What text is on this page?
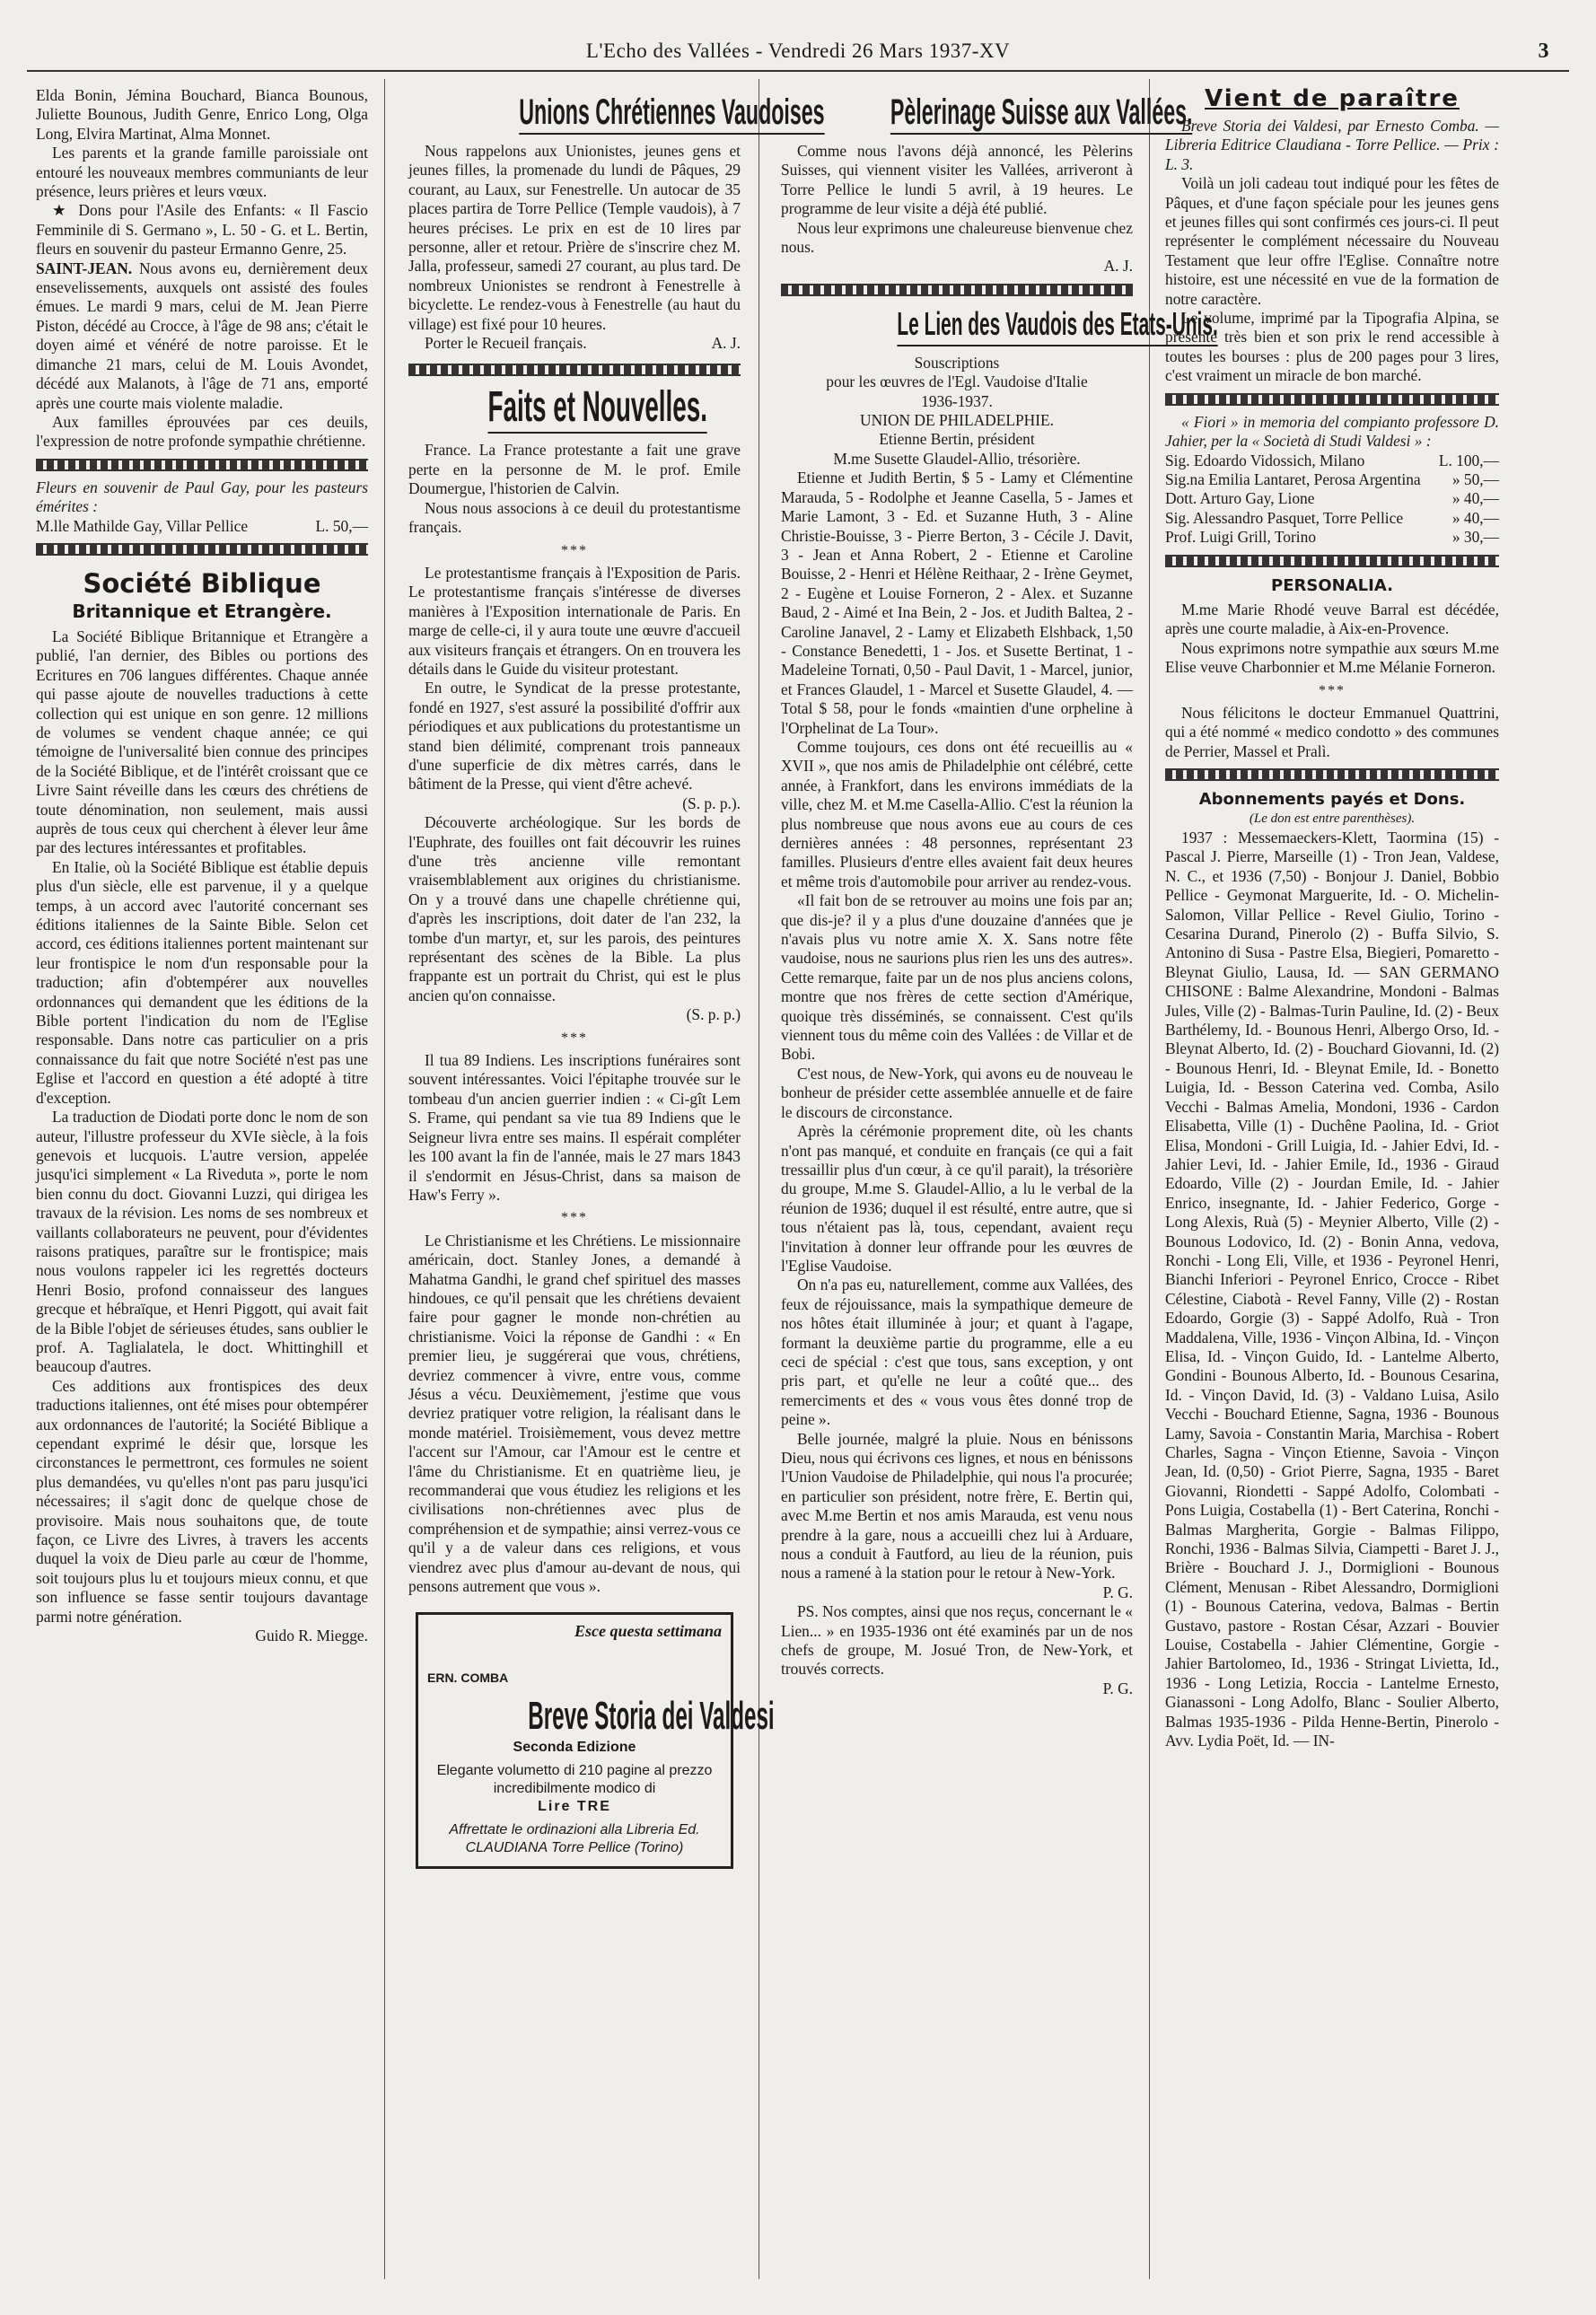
L'Echo des Vallées - Vendredi 26 Mars 1937-XV	3

Elda Bonin, Jémina Bouchard, Bianca Bounous, Juliette Bounous, Judith Genre, Enrico Long, Olga Long, Elvira Martinat, Alma Monnet.

Les parents et la grande famille paroissiale ont entouré les nouveaux membres communiants de leur présence, leurs prières et leurs vœux.

★ Dons pour l'Asile des Enfants: « Il Fascio Femminile di S. Germano », L. 50 - G. et L. Bertin, fleurs en souvenir du pasteur Ermanno Genre, 25.

SAINT-JEAN. Nous avons eu, dernièrement deux ensevelissements, auxquels ont assisté des foules émues. Le mardi 9 mars, celui de M. Jean Pierre Piston, décédé au Crocce, à l'âge de 98 ans; c'était le doyen aimé et vénéré de notre paroisse. Et le dimanche 21 mars, celui de M. Louis Avondet, décédé aux Malanots, à l'âge de 71 ans, emporté après une courte mais violente maladie.

Aux familles éprouvées par ces deuils, l'expression de notre profonde sympathie chrétienne.

Fleurs en souvenir de Paul Gay, pour les pasteurs émérites :

M.lle Mathilde Gay, Villar Pellice	L. 50,—
Société Biblique
Britannique et Etrangère.

La Société Biblique Britannique et Etrangère a publié, l'an dernier, des Bibles ou portions des Ecritures en 706 langues différentes. Chaque année qui passe ajoute de nouvelles traductions à cette collection qui est unique en son genre. 12 millions de volumes se vendent chaque année; ce qui témoigne de l'universalité bien connue des principes de la Société Biblique, et de l'intérêt croissant que ce Livre Saint réveille dans les cœurs des chrétiens de toute dénomination, non seulement, mais aussi auprès de tous ceux qui cherchent à élever leur âme par des lectures intéressantes et profitables.

En Italie, où la Société Biblique est établie depuis plus d'un siècle, elle est parvenue, il y a quelque temps, à un accord avec l'autorité concernant ses éditions italiennes de la Sainte Bible. Selon cet accord, ces éditions italiennes portent maintenant sur leur frontispice le nom d'un responsable pour la traduction; afin d'obtempérer aux nouvelles ordonnances qui demandent que les éditions de la Bible portent l'indication du nom de l'Eglise responsable. Dans notre cas particulier on a pris connaissance du fait que notre Société n'est pas une Eglise et l'accord en question a été adopté à titre d'exception.

La traduction de Diodati porte donc le nom de son auteur, l'illustre professeur du XVIe siècle, à la fois genevois et lucquois. L'autre version, appelée jusqu'ici simplement « La Riveduta », porte le nom bien connu du doct. Giovanni Luzzi, qui dirigea les travaux de la révision. Les noms de ses nombreux et vaillants collaborateurs ne peuvent, pour d'évidentes raisons pratiques, paraître sur le frontispice; mais nous voulons rappeler ici les regrettés docteurs Henri Bosio, profond connaisseur des langues grecque et hébraïque, et Henri Piggott, qui avait fait de la Bible l'objet de sérieuses études, sans oublier le prof. A. Taglialatela, le doct. Whittinghill et beaucoup d'autres.

Ces additions aux frontispices des deux traductions italiennes, ont été mises pour obtempérer aux ordonnances de l'autorité; la Société Biblique a cependant exprimé le désir que, lorsque les circonstances le permettront, ces formules ne soient plus demandées, vu qu'elles n'ont pas paru jusqu'ici nécessaires; il s'agit donc de quelque chose de provisoire. Mais nous souhaitons que, de toute façon, ce Livre des Livres, à travers les accents duquel la voix de Dieu parle au cœur de l'homme, soit toujours plus lu et toujours mieux connu, et que son influence se fasse sentir toujours davantage parmi notre génération.

Guido R. Miegge.

Unions Chrétiennes Vaudoises

Nous rappelons aux Unionistes, jeunes gens et jeunes filles, la promenade du lundi de Pâques, 29 courant, au Laux, sur Fenestrelle. Un autocar de 35 places partira de Torre Pellice (Temple vaudois), à 7 heures précises. Le prix en est de 10 lires par personne, aller et retour. Prière de s'inscrire chez M. Jalla, professeur, samedi 27 courant, au plus tard. De nombreux Unionistes se rendront à Fenestrelle à bicyclette. Le rendez-vous à Fenestrelle (au haut du village) est fixé pour 10 heures.

Porter le Recueil français.	A. J.

Faits et Nouvelles.

France. La France protestante a fait une grave perte en la personne de M. le prof. Emile Doumergue, l'historien de Calvin.

Nous nous associons à ce deuil du protestantisme français.

***

Le protestantisme français à l'Exposition de Paris. Le protestantisme français s'intéresse de diverses manières à l'Exposition internationale de Paris. En marge de celle-ci, il y aura toute une œuvre d'accueil aux visiteurs français et étrangers. On en trouvera les détails dans le Guide du visiteur protestant.

En outre, le Syndicat de la presse protestante, fondé en 1927, s'est assuré la possibilité d'offrir aux périodiques et aux publications du protestantisme un stand bien délimité, comprenant trois panneaux d'une superficie de dix mètres carrés, dans le bâtiment de la Presse, qui vient d'être achevé.

(S. p. p.).

Découverte archéologique. Sur les bords de l'Euphrate, des fouilles ont fait découvrir les ruines d'une très ancienne ville remontant vraisemblablement aux origines du christianisme. On y a trouvé dans une chapelle chrétienne qui, d'après les inscriptions, doit dater de l'an 232, la tombe d'un martyr, et, sur les parois, des peintures représentant des scènes de la Bible. La plus frappante est un portrait du Christ, qui est le plus ancien qu'on connaisse.

(S. p. p.)

***

Il tua 89 Indiens. Les inscriptions funéraires sont souvent intéressantes. Voici l'épitaphe trouvée sur le tombeau d'un ancien guerrier indien : « Ci-gît Lem S. Frame, qui pendant sa vie tua 89 Indiens que le Seigneur livra entre ses mains. Il espérait compléter les 100 avant la fin de l'année, mais le 27 mars 1843 il s'endormit en Jésus-Christ, dans sa maison de Haw's Ferry ».

***

Le Christianisme et les Chrétiens. Le missionnaire américain, doct. Stanley Jones, a demandé à Mahatma Gandhi, le grand chef spirituel des masses hindoues, ce qu'il pensait que les chrétiens devaient faire pour gagner le monde non-chrétien au christianisme. Voici la réponse de Gandhi : « En premier lieu, je suggérerai que vous, chrétiens, devriez commencer à vivre, entre vous, comme Jésus a vécu. Deuxièmement, j'estime que vous devriez pratiquer votre religion, la réalisant dans le monde matériel. Troisièmement, vous devez mettre l'accent sur l'Amour, car l'Amour est le centre et l'âme du Christianisme. Et en quatrième lieu, je recommanderai que vous étudiez les religions et les civilisations non-chrétiennes avec plus de compréhension et de sympathie; ainsi verrez-vous ce qu'il y a de valeur dans ces religions, et vous viendrez avec plus d'amour au-devant de nous, qui pensons autrement que vous ».

Esce questa settimana
ERN. COMBA
Breve Storia dei Valdesi
Seconda Edizione
Elegante volumetto di 210 pagine al prezzo incredibilmente modico di
Lire TRE
Affrettate le ordinazioni alla Libreria Ed. CLAUDIANA Torre Pellice (Torino)
Pèlerinage Suisse aux Vallées.

Comme nous l'avons déjà annoncé, les Pèlerins Suisses, qui viennent visiter les Vallées, arriveront à Torre Pellice le lundi 5 avril, à 19 heures. Le programme de leur visite a déjà été publié.

Nous leur exprimons une chaleureuse bienvenue chez nous.

A. J.

Le Lien des Vaudois des Etats-Unis.

Souscriptions

pour les œuvres de l'Egl. Vaudoise d'Italie

1936-1937.

UNION DE PHILADELPHIE.

Etienne Bertin, président

M.me Susette Glaudel-Allio, trésorière.

Etienne et Judith Bertin, $ 5 - Lamy et Clémentine Marauda, 5 - Rodolphe et Jeanne Casella, 5 - James et Marie Lamont, 3 - Ed. et Suzanne Huth, 3 - Aline Christie-Bouisse, 3 - Pierre Berton, 3 - Cécile J. Davit, 3 - Jean et Anna Robert, 2 - Etienne et Caroline Bouisse, 2 - Henri et Hélène Reithaar, 2 - Irène Geymet, 2 - Eugène et Louise Forneron, 2 - Alex. et Suzanne Baud, 2 - Aimé et Ina Bein, 2 - Jos. et Judith Baltea, 2 - Caroline Janavel, 2 - Lamy et Elizabeth Elshback, 1,50 - Constance Benedetti, 1 - Jos. et Susette Bertinat, 1 - Madeleine Tornati, 0,50 - Paul Davit, 1 - Marcel, junior, et Frances Glaudel, 1 - Marcel et Susette Glaudel, 4. — Total $ 58, pour le fonds «maintien d'une orpheline à l'Orphelinat de La Tour».

Comme toujours, ces dons ont été recueillis au « XVII », que nos amis de Philadelphie ont célébré, cette année, à Frankfort, dans les environs immédiats de la ville, chez M. et M.me Casella-Allio. C'est la réunion la plus nombreuse que nous avons eue au cours de ces dernières années : 48 personnes, représentant 23 familles. Plusieurs d'entre elles avaient fait deux heures et même trois d'automobile pour arriver au rendez-vous.

«Il fait bon de se retrouver au moins une fois par an; que dis-je? il y a plus d'une douzaine d'années que je n'avais plus vu notre amie X. X. Sans notre fête vaudoise, nous ne saurions plus rien les uns des autres». Cette remarque, faite par un de nos plus anciens colons, montre que nos frères de cette section d'Amérique, quoique très disséminés, se connaissent. C'est qu'ils viennent tous du même coin des Vallées : de Villar et de Bobi.

C'est nous, de New-York, qui avons eu de nouveau le bonheur de présider cette assemblée annuelle et de faire le discours de circonstance.

Après la cérémonie proprement dite, où les chants n'ont pas manqué, et conduite en français (ce qui a fait tressaillir plus d'un cœur, à ce qu'il parait), la trésorière du groupe, M.me S. Glaudel-Allio, a lu le verbal de la réunion de 1936; duquel il est résulté, entre autre, que si tous n'étaient pas là, tous, cependant, avaient reçu l'invitation à donner leur offrande pour les œuvres de l'Eglise Vaudoise.

On n'a pas eu, naturellement, comme aux Vallées, des feux de réjouissance, mais la sympathique demeure de nos hôtes était illuminée à jour; et quant à l'agape, formant la deuxième partie du programme, elle a eu ceci de spécial : c'est que tous, sans exception, y ont pris part, et qu'elle ne leur a coûté que... des remerciments et des « vous vous êtes donné trop de peine ».

Belle journée, malgré la pluie. Nous en bénissons Dieu, nous qui écrivons ces lignes, et nous en bénissons l'Union Vaudoise de Philadelphie, qui nous l'a procurée; en particulier son président, notre frère, E. Bertin qui, avec M.me Bertin et nos amis Marauda, est venu nous prendre à la gare, nous a accueilli chez lui à Arduare, nous a conduit à Fautford, au lieu de la réunion, puis nous a ramené à la station pour le retour à New-York.

P. G.

PS. Nos comptes, ainsi que nos reçus, concernant le « Lien... » en 1935-1936 ont été examinés par un de nos chefs de groupe, M. Josué Tron, de New-York, et trouvés corrects.

P. G.

Vient de paraître

Breve Storia dei Valdesi, par Ernesto Comba. — Libreria Editrice Claudiana - Torre Pellice. — Prix : L. 3.

Voilà un joli cadeau tout indiqué pour les fêtes de Pâques, et d'une façon spéciale pour les jeunes gens et jeunes filles qui sont confirmés ces jours-ci. Il peut représenter le complément nécessaire du Nouveau Testament que leur offre l'Eglise. Connaître notre histoire, est une nécessité en vue de la formation de notre caractère.

Le volume, imprimé par la Tipografia Alpina, se présente très bien et son prix le rend accessible à toutes les bourses : plus de 200 pages pour 3 lires, c'est vraiment un miracle de bon marché.

« Fiori » in memoria del compianto professore D. Jahier, per la « Società di Studi Valdesi » :

Sig. Edoardo Vidossich, Milano	L. 100,—
Sig.na Emilia Lantaret, Perosa Argentina	» 50,—
Dott. Arturo Gay, Lione	» 40,—
Sig. Alessandro Pasquet, Torre Pellice	» 40,—
Prof. Luigi Grill, Torino	» 30,—
PERSONALIA.

M.me Marie Rhodé veuve Barral est décédée, après une courte maladie, à Aix-en-Provence.

Nous exprimons notre sympathie aux sœurs M.me Elise veuve Charbonnier et M.me Mélanie Forneron.

***

Nous félicitons le docteur Emmanuel Quattrini, qui a été nommé « medico condotto » des communes de Perrier, Massel et Pralì.

Abonnements payés et Dons.

(Le don est entre parenthèses).

1937 : Messemaeckers-Klett, Taormina (15) - Pascal J. Pierre, Marseille (1) - Tron Jean, Valdese, N. C., et 1936 (7,50) - Bonjour J. Daniel, Bobbio Pellice - Geymonat Marguerite, Id. - O. Michelin-Salomon, Villar Pellice - Revel Giulio, Torino - Cesarina Durand, Pinerolo (2) - Buffa Silvio, S. Antonino di Susa - Pastre Elsa, Biegieri, Pomaretto - Bleynat Giulio, Lausa, Id. — SAN GERMANO CHISONE : Balme Alexandrine, Mondoni - Balmas Jules, Ville (2) - Balmas-Turin Pauline, Id. (2) - Beux Barthélemy, Id. - Bounous Henri, Albergo Orso, Id. - Bleynat Alberto, Id. (2) - Bouchard Giovanni, Id. (2) - Bounous Henri, Id. - Bleynat Emile, Id. - Bonetto Luigia, Id. - Besson Caterina ved. Comba, Asilo Vecchi - Balmas Amelia, Mondoni, 1936 - Cardon Elisabetta, Ville (1) - Duchêne Paolina, Id. - Griot Elisa, Mondoni - Grill Luigia, Id. - Jahier Edvi, Id. - Jahier Levi, Id. - Jahier Emile, Id., 1936 - Giraud Edoardo, Ville (2) - Jourdan Emile, Id. - Jahier Enrico, insegnante, Id. - Jahier Federico, Gorge - Long Alexis, Ruà (5) - Meynier Alberto, Ville (2) - Bounous Lodovico, Id. (2) - Bonin Anna, vedova, Ronchi - Long Eli, Ville, et 1936 - Peyronel Henri, Bianchi Inferiori - Peyronel Enrico, Crocce - Ribet Célestine, Ciabotà - Revel Fanny, Ville (2) - Rostan Edoardo, Gorgie (3) - Sappé Adolfo, Ruà - Tron Maddalena, Ville, 1936 - Vinçon Albina, Id. - Vinçon Elisa, Id. - Vinçon Guido, Id. - Lantelme Alberto, Gondini - Bounous Alberto, Id. - Bounous Cesarina, Id. - Vinçon David, Id. (3) - Valdano Luisa, Asilo Vecchi - Bouchard Etienne, Sagna, 1936 - Bounous Lamy, Savoia - Constantin Maria, Marchisa - Robert Charles, Sagna - Vinçon Etienne, Savoia - Vinçon Jean, Id. (0,50) - Griot Pierre, Sagna, 1935 - Baret Giovanni, Riondetti - Sappé Adolfo, Colombati - Pons Luigia, Costabella (1) - Bert Caterina, Ronchi - Balmas Margherita, Gorgie - Balmas Filippo, Ronchi, 1936 - Balmas Silvia, Ciampetti - Baret J. J., Brière - Bouchard J. J., Dormiglioni - Bounous Clément, Menusan - Ribet Alessandro, Dormiglioni (1) - Bounous Caterina, vedova, Balmas - Bertin Gustavo, pastore - Rostan César, Azzari - Bouvier Louise, Costabella - Jahier Clémentine, Gorgie - Jahier Bartolomeo, Id., 1936 - Stringat Livietta, Id., 1936 - Long Letizia, Roccia - Lantelme Ernesto, Gianassoni - Long Adolfo, Blanc - Soulier Alberto, Balmas 1935-1936 - Pilda Henne-Bertin, Pinerolo - Avv. Lydia Poët, Id. — IN-
